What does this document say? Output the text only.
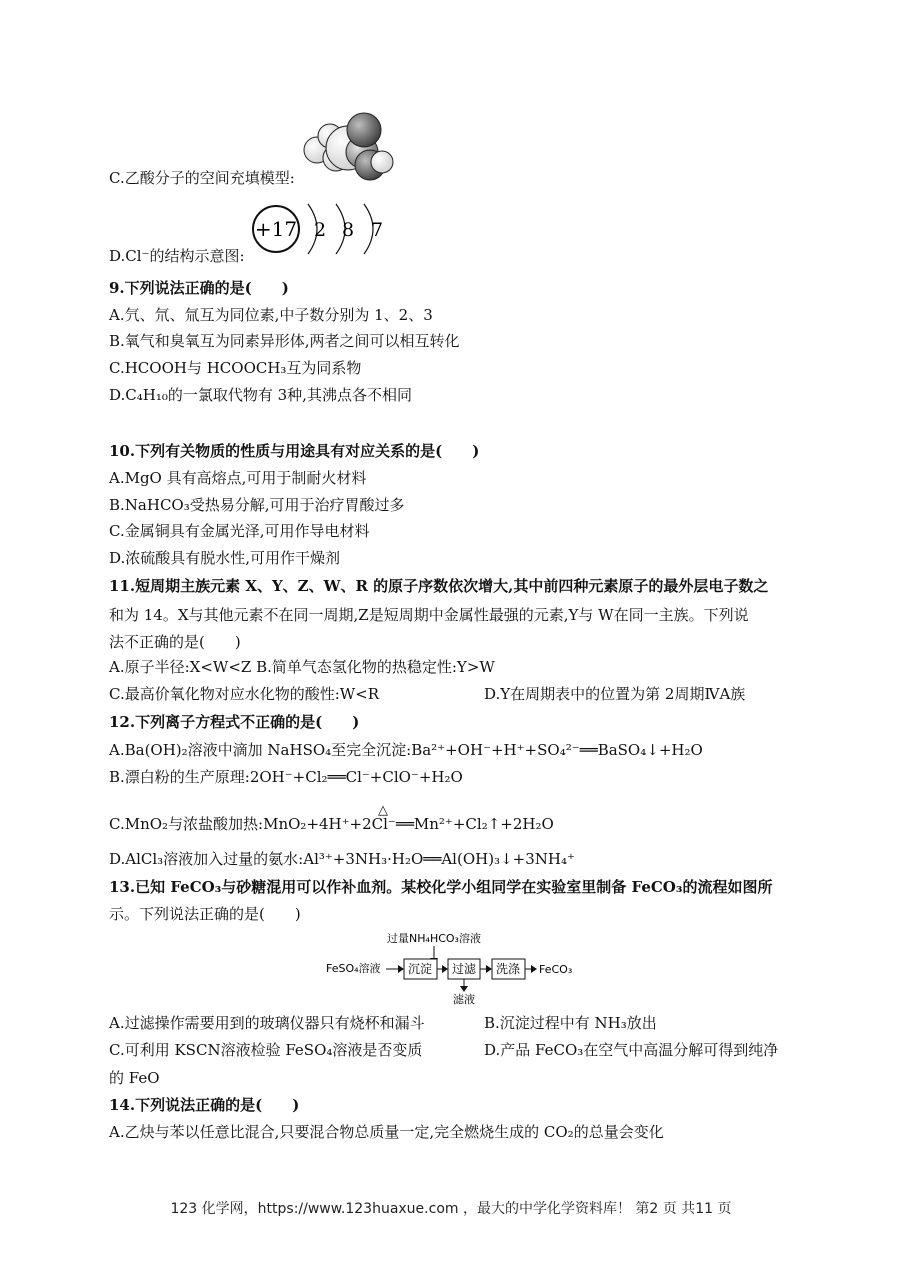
C.乙酸分子的空间充填模型:
D.Cl⁻的结构示意图:
+17 2 8 7
9.下列说法正确的是(　　)
A.氕、氘、氚互为同位素,中子数分别为 1、2、3
B.氧气和臭氧互为同素异形体,两者之间可以相互转化
C.HCOOH与 HCOOCH₃互为同系物
D.C₄H₁₀的一氯取代物有 3种,其沸点各不相同
10.下列有关物质的性质与用途具有对应关系的是(　　)
A.MgO 具有高熔点,可用于制耐火材料
B.NaHCO₃受热易分解,可用于治疗胃酸过多
C.金属铜具有金属光泽,可用作导电材料
D.浓硫酸具有脱水性,可用作干燥剂
11.短周期主族元素 X、Y、Z、W、R 的原子序数依次增大,其中前四种元素原子的最外层电子数之
和为 14。X与其他元素不在同一周期,Z是短周期中金属性最强的元素,Y与 W在同一主族。下列说
法不正确的是(　　)
A.原子半径:X<W<Z B.简单气态氢化物的热稳定性:Y>W
C.最高价氧化物对应水化物的酸性:W<R	D.Y在周期表中的位置为第 2周期ⅣA族
12.下列离子方程式不正确的是(　　)
A.Ba(OH)₂溶液中滴加 NaHSO₄至完全沉淀:Ba²⁺+OH⁻+H⁺+SO₄²⁻══BaSO₄↓+H₂O
B.漂白粉的生产原理:2OH⁻+Cl₂══Cl⁻+ClO⁻+H₂O
△
C.MnO₂与浓盐酸加热:MnO₂+4H⁺+2Cl⁻══Mn²⁺+Cl₂↑+2H₂O
D.AlCl₃溶液加入过量的氨水:Al³⁺+3NH₃·H₂O══Al(OH)₃↓+3NH₄⁺
13.已知 FeCO₃与砂糖混用可以作补血剂。某校化学小组同学在实验室里制备 FeCO₃的流程如图所
示。下列说法正确的是(　　)
过量NH₄HCO₃溶液
FeSO₄溶液 沉淀 过滤
滤液
洗涤 FeCO₃
A.过滤操作需要用到的玻璃仪器只有烧杯和漏斗	B.沉淀过程中有 NH₃放出
C.可利用 KSCN溶液检验 FeSO₄溶液是否变质	D.产品 FeCO₃在空气中高温分解可得到纯净
的 FeO
14.下列说法正确的是(　　)
A.乙炔与苯以任意比混合,只要混合物总质量一定,完全燃烧生成的 CO₂的总量会变化
123 化学网，https://www.123huaxue.com ，最大的中学化学资料库！ 第2 页 共11 页
